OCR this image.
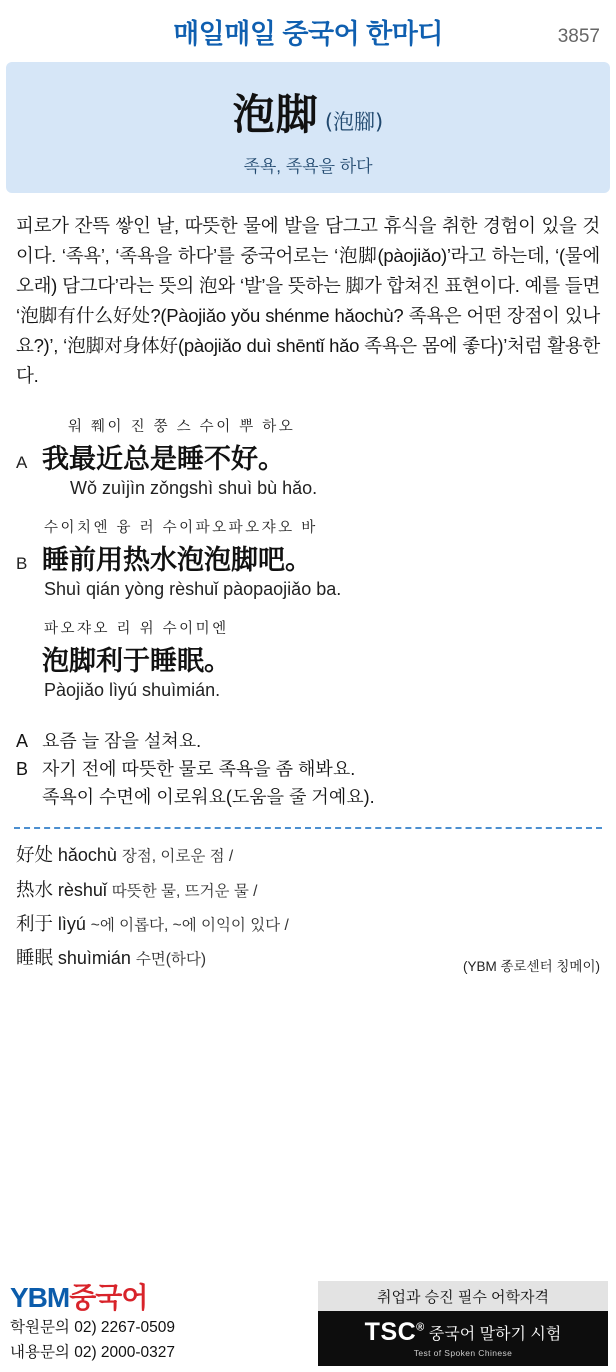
매일매일 중국어 한마디	3857
泡脚 (泡腳)
족욕, 족욕을 하다
피로가 잔뜩 쌓인 날, 따뜻한 물에 발을 담그고 휴식을 취한 경험이 있을 것이다. ‘족욕’, ‘족욕을 하다’를 중국어로는 ‘泡脚(pàojiǎo)’라고 하는데, ‘(물에 오래) 담그다’라는 뜻의 泡와 ‘발’을 뜻하는 脚가 합쳐진 표현이다. 예를 들면 ‘泡脚有什么好处?(Pàojiǎo yǒu shénme hǎochù? 족욕은 어떤 장점이 있나요?)’, ‘泡脚对身体好(pàojiǎo duì shēntǐ hǎo 족욕은 몸에 좋다)’처럼 활용한다.
워 쮀이 진 쭝 스 수이 뿌 하오
A 我最近总是睡不好。
Wǒ zuìjìn zǒngshì shuì bù hǎo.
수이치엔 융 러 수이파오파오쟈오 바
B 睡前用热水泡泡脚吧。
Shuì qián yòng rèshuǐ pàopaojiǎo ba.
파오쟈오 리 위 수이미엔
泡脚利于睡眠。
Pàojiǎo lìyú shuìmián.
A 요즘 늘 잠을 설쳐요.
B 자기 전에 따뜻한 물로 족욕을 좀 해봐요.
족욕이 수면에 이로워요(도움을 줄 거예요).
好处 hǎochù 장점, 이로운 점 /
热水 rèshuǐ 따뜻한 물, 뜨거운 물 /
利于 lìyú ~에 이롭다, ~에 이익이 있다 /
睡眠 shuìmián 수면(하다)	(YBM 종로센터 칭메이)
YBM중국어
학원문의 02) 2267-0509
내용문의 02) 2000-0327
취업과 승진 필수 어학자격
TSC® 중국어 말하기 시험
Test of Spoken Chinese
